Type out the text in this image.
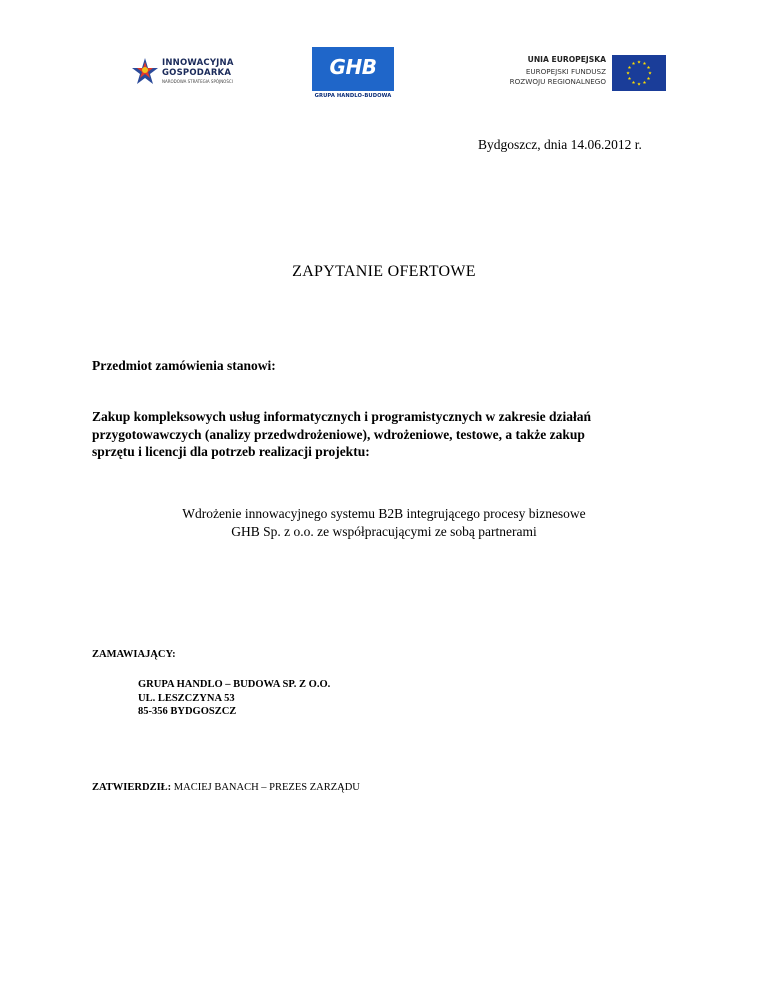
INNOWACYJNA
GOSPODARKA
NARODOWA STRATEGIA SPÓJNOŚCI
GHB
GRUPA HANDLO-BUDOWA
UNIA EUROPEJSKA
EUROPEJSKI FUNDUSZ
ROZWOJU REGIONALNEGO
Bydgoszcz, dnia 14.06.2012 r.
ZAPYTANIE OFERTOWE
Przedmiot zamówienia stanowi:
Zakup kompleksowych usług informatycznych i programistycznych w zakresie działań
przygotowawczych (analizy przedwdrożeniowe), wdrożeniowe, testowe, a także zakup
sprzętu i licencji dla potrzeb realizacji projektu:
Wdrożenie innowacyjnego systemu B2B integrującego procesy biznesowe
GHB Sp. z o.o. ze współpracującymi ze sobą partnerami
ZAMAWIAJĄCY:
GRUPA HANDLO – BUDOWA SP. Z O.O.
UL. LESZCZYNA 53
85-356 BYDGOSZCZ
ZATWIERDZIŁ: MACIEJ BANACH – PREZES ZARZĄDU
